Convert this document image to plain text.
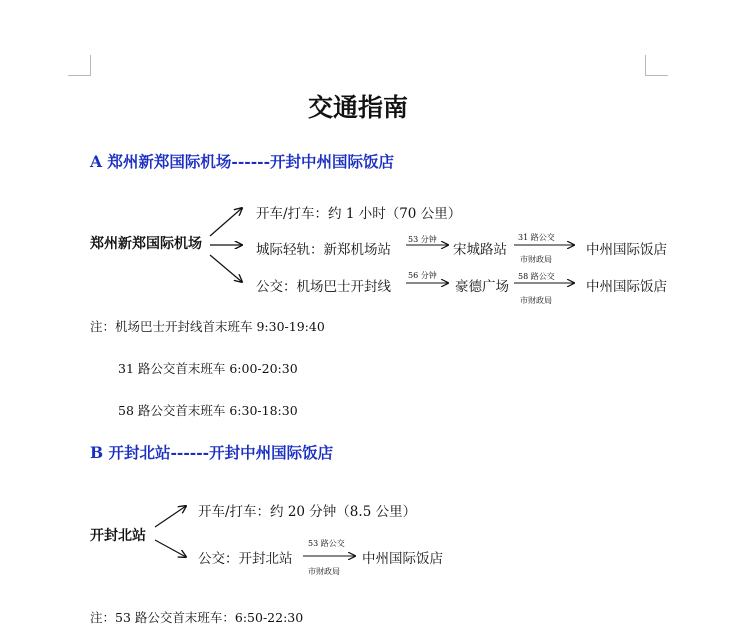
交通指南
A 郑州新郑国际机场------开封中州国际饭店
郑州新郑国际机场
开车/打车：约 1 小时（70 公里）
城际轻轨：新郑机场站
53 分钟
宋城路站
31 路公交
市财政局
中州国际饭店
公交：机场巴士开封线
56 分钟
豪德广场
58 路公交
市财政局
中州国际饭店
注：机场巴士开封线首末班车 9:30-19:40
31 路公交首末班车 6:00-20:30
58 路公交首末班车 6:30-18:30
B 开封北站------开封中州国际饭店
开封北站
开车/打车：约 20 分钟（8.5 公里）
公交：开封北站
53 路公交
市财政局
中州国际饭店
注：53 路公交首末班车：6:50-22:30
